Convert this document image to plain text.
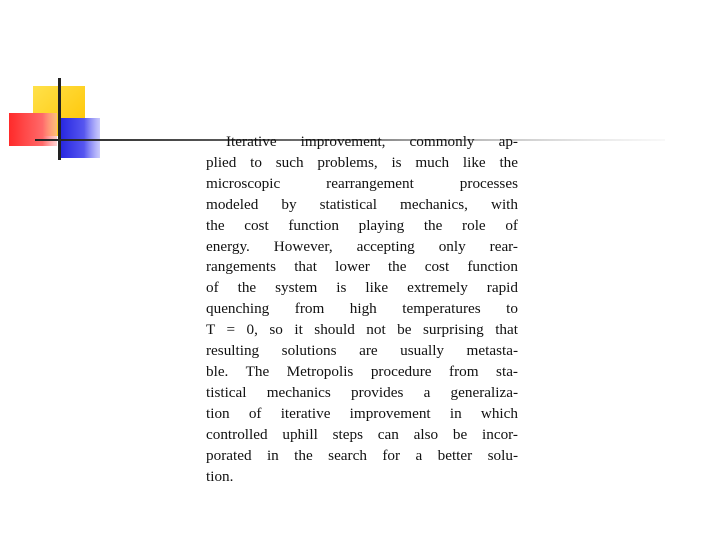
Iterative improvement, commonly ap-
plied to such problems, is much like the
microscopic rearrangement processes
modeled by statistical mechanics, with
the cost function playing the role of
energy. However, accepting only rear-
rangements that lower the cost function
of the system is like extremely rapid
quenching from high temperatures to
T = 0, so it should not be surprising that
resulting solutions are usually metasta-
ble. The Metropolis procedure from sta-
tistical mechanics provides a generaliza-
tion of iterative improvement in which
controlled uphill steps can also be incor-
porated in the search for a better solu-
tion.
